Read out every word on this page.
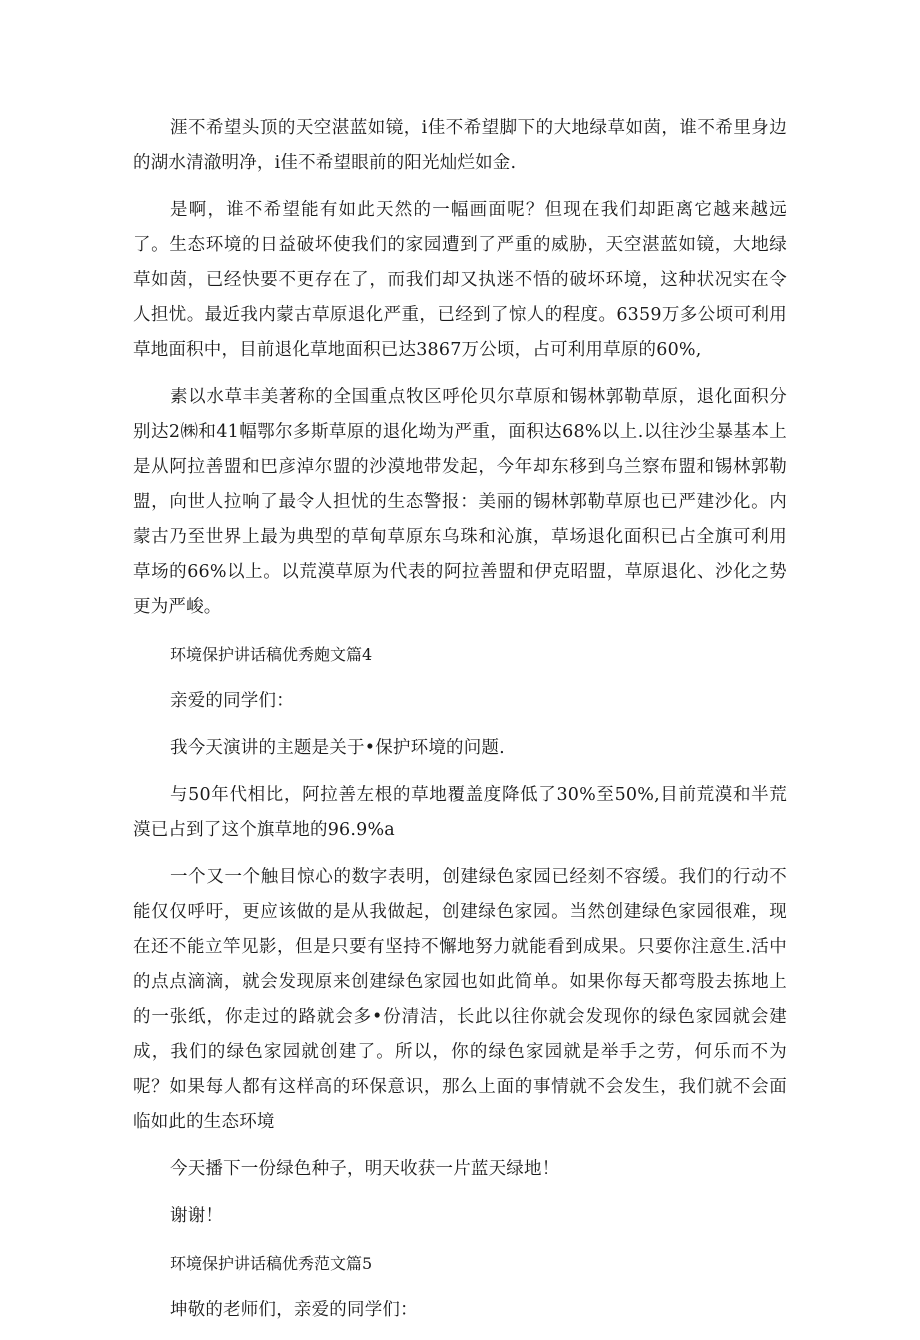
涯不希望头顶的天空湛蓝如镜，i佳不希望脚下的大地绿草如茵，谁不希里身边的湖水清澈明净，i佳不希望眼前的阳光灿烂如金.

是啊，谁不希望能有如此天然的一幅画面呢？但现在我们却距离它越来越远了。生态环境的日益破坏使我们的家园遭到了严重的威胁，天空湛蓝如镜，大地绿草如茵，已经快要不更存在了，而我们却又执迷不悟的破坏环境，这种状况实在令人担忧。最近我内蒙古草原退化严重，已经到了惊人的程度。6359万多公顷可利用草地面积中，目前退化草地面积已达3867万公顷，占可利用草原的60%,

素以水草丰美著称的全国重点牧区呼伦贝尔草原和锡林郭勒草原，退化面积分别达2㈱和41幅鄂尔多斯草原的退化坳为严重，面积达68%以上.以往沙尘暴基本上是从阿拉善盟和巴彦淖尔盟的沙漠地带发起，今年却东移到乌兰察布盟和锡林郭勒盟，向世人拉响了最令人担忧的生态警报：美丽的锡林郭勒草原也已严建沙化。内蒙古乃至世界上最为典型的草甸草原东乌珠和沁旗，草场退化面积已占全旗可利用草场的66%以上。以荒漠草原为代表的阿拉善盟和伊克昭盟，草原退化、沙化之势更为严峻。

环境保护讲话稿优秀皰文篇4

亲爱的同学们：

我今天演讲的主题是关于•保护环境的问题.

与50年代相比，阿拉善左根的草地覆盖度降低了30%至50%,目前荒漠和半荒漠已占到了这个旗草地的96.9%a

一个又一个触目惊心的数字表明，创建绿色家园已经刻不容缓。我们的行动不能仅仅呼吁，更应该做的是从我做起，创建绿色家园。当然创建绿色家园很难，现在还不能立竿见影，但是只要有坚持不懈地努力就能看到成果。只要你注意生.活中的点点滴滴，就会发现原来创建绿色家园也如此简单。如果你每天都弯股去拣地上的一张纸，你走过的路就会多•份清洁，长此以往你就会发现你的绿色家园就会建成，我们的绿色家园就创建了。所以，你的绿色家园就是举手之劳，何乐而不为呢？如果每人都有这样高的环保意识，那么上面的事情就不会发生，我们就不会面临如此的生态环境

今天播下一份绿色种子，明天收获一片蓝天绿地！

谢谢！

环境保护讲话稿优秀范文篇5

坤敬的老师们，亲爱的同学们：
